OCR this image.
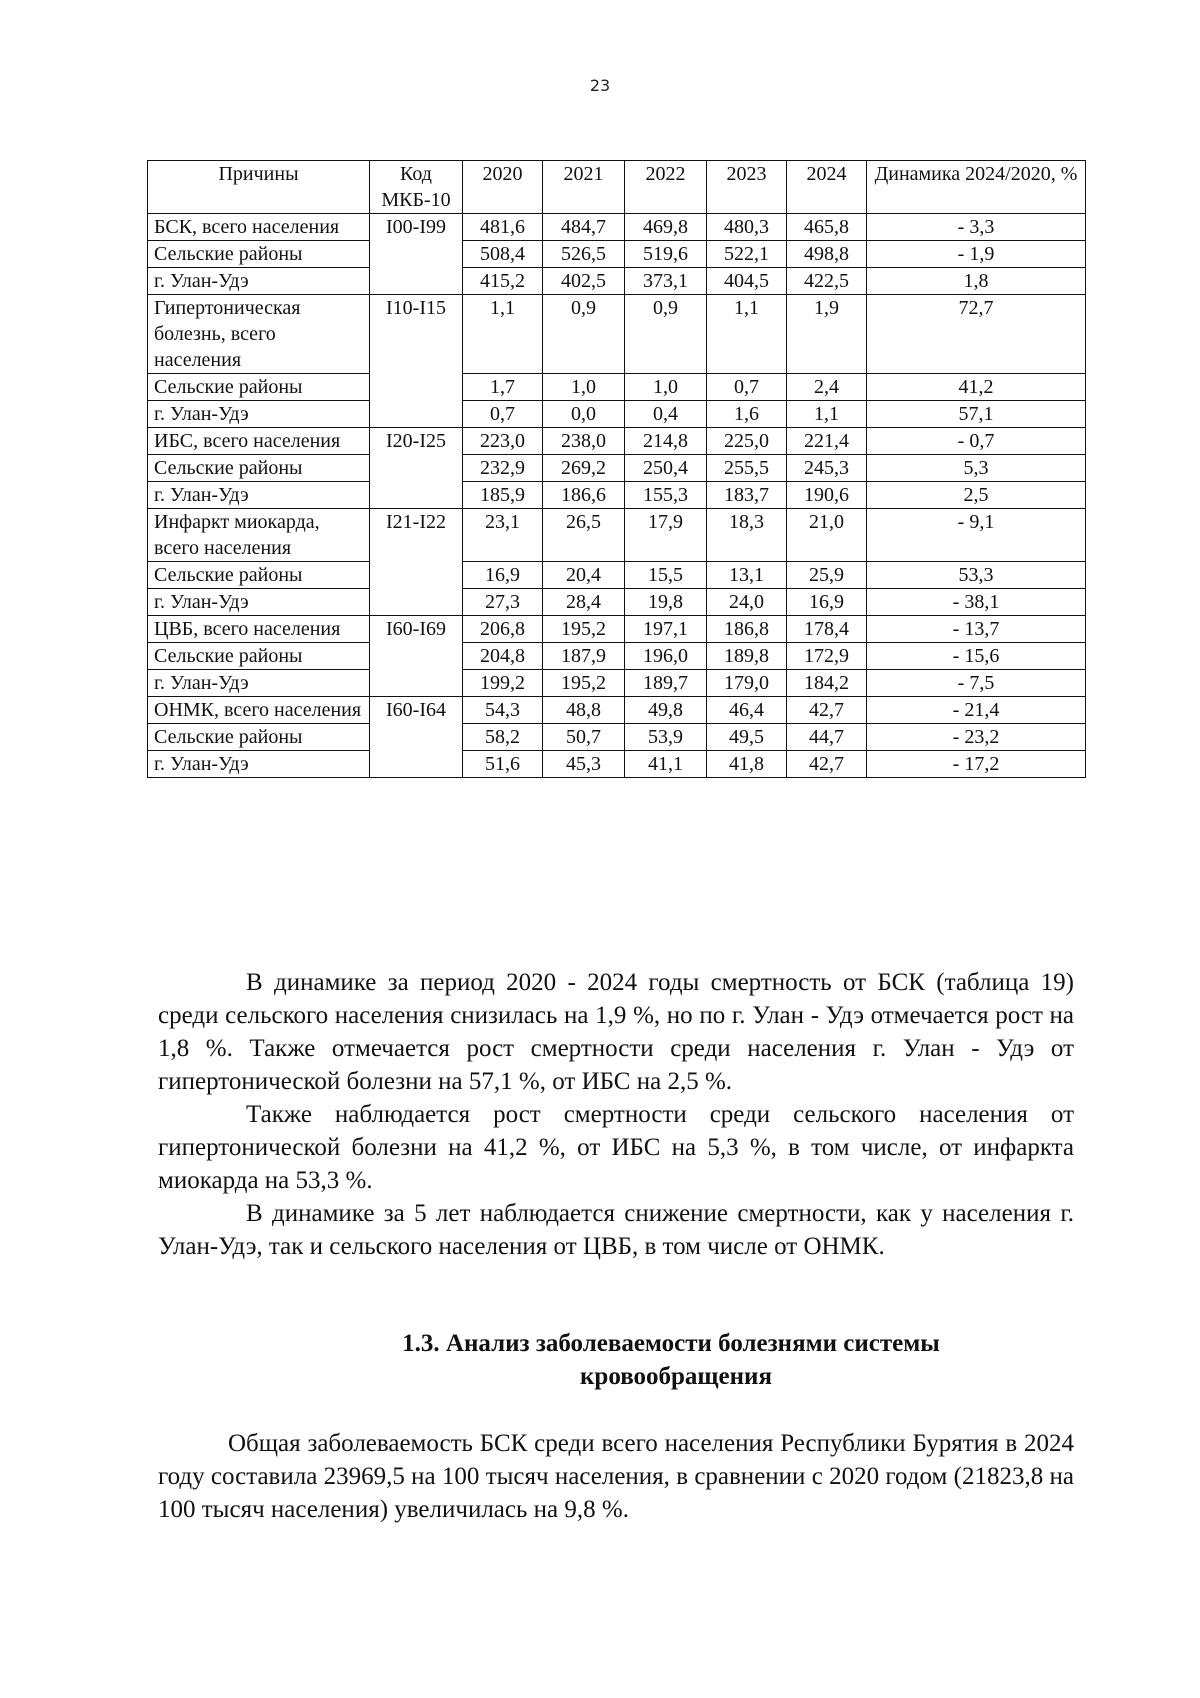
23
Причины	Код МКБ-10	2020	2021	2022	2023	2024	Динамика 2024/2020, %
БСК, всего населения	I00-I99	481,6	484,7	469,8	480,3	465,8	- 3,3
Сельские районы		508,4	526,5	519,6	522,1	498,8	- 1,9
г. Улан-Удэ		415,2	402,5	373,1	404,5	422,5	1,8
Гипертоническая болезнь, всего населения	I10-I15	1,1	0,9	0,9	1,1	1,9	72,7
Сельские районы		1,7	1,0	1,0	0,7	2,4	41,2
г. Улан-Удэ		0,7	0,0	0,4	1,6	1,1	57,1
ИБС, всего населения	I20-I25	223,0	238,0	214,8	225,0	221,4	- 0,7
Сельские районы		232,9	269,2	250,4	255,5	245,3	5,3
г. Улан-Удэ		185,9	186,6	155,3	183,7	190,6	2,5
Инфаркт миокарда, всего населения	I21-I22	23,1	26,5	17,9	18,3	21,0	- 9,1
Сельские районы		16,9	20,4	15,5	13,1	25,9	53,3
г. Улан-Удэ		27,3	28,4	19,8	24,0	16,9	- 38,1
ЦВБ, всего населения	I60-I69	206,8	195,2	197,1	186,8	178,4	- 13,7
Сельские районы		204,8	187,9	196,0	189,8	172,9	- 15,6
г. Улан-Удэ		199,2	195,2	189,7	179,0	184,2	- 7,5
ОНМК, всего населения	I60-I64	54,3	48,8	49,8	46,4	42,7	- 21,4
Сельские районы		58,2	50,7	53,9	49,5	44,7	- 23,2
г. Улан-Удэ		51,6	45,3	41,1	41,8	42,7	- 17,2

В динамике за период 2020 - 2024 годы смертность от БСК (таблица 19) среди сельского населения снизилась на 1,9 %, но по г. Улан - Удэ отмечается рост на 1,8 %. Также отмечается рост смертности среди населения г. Улан - Удэ от гипертонической болезни на 57,1 %, от ИБС на 2,5 %.

Также наблюдается рост смертности среди сельского населения от гипертонической болезни на 41,2 %, от ИБС на 5,3 %, в том числе, от инфаркта миокарда на 53,3 %.

В динамике за 5 лет наблюдается снижение смертности, как у населения г. Улан-Удэ, так и сельского населения от ЦВБ, в том числе от ОНМК.

1.3. Анализ заболеваемости болезнями системы
кровообращения

Общая заболеваемость БСК среди всего населения Республики Бурятия в 2024 году составила 23969,5 на 100 тысяч населения, в сравнении с 2020 годом (21823,8 на 100 тысяч населения) увеличилась на 9,8 %.
